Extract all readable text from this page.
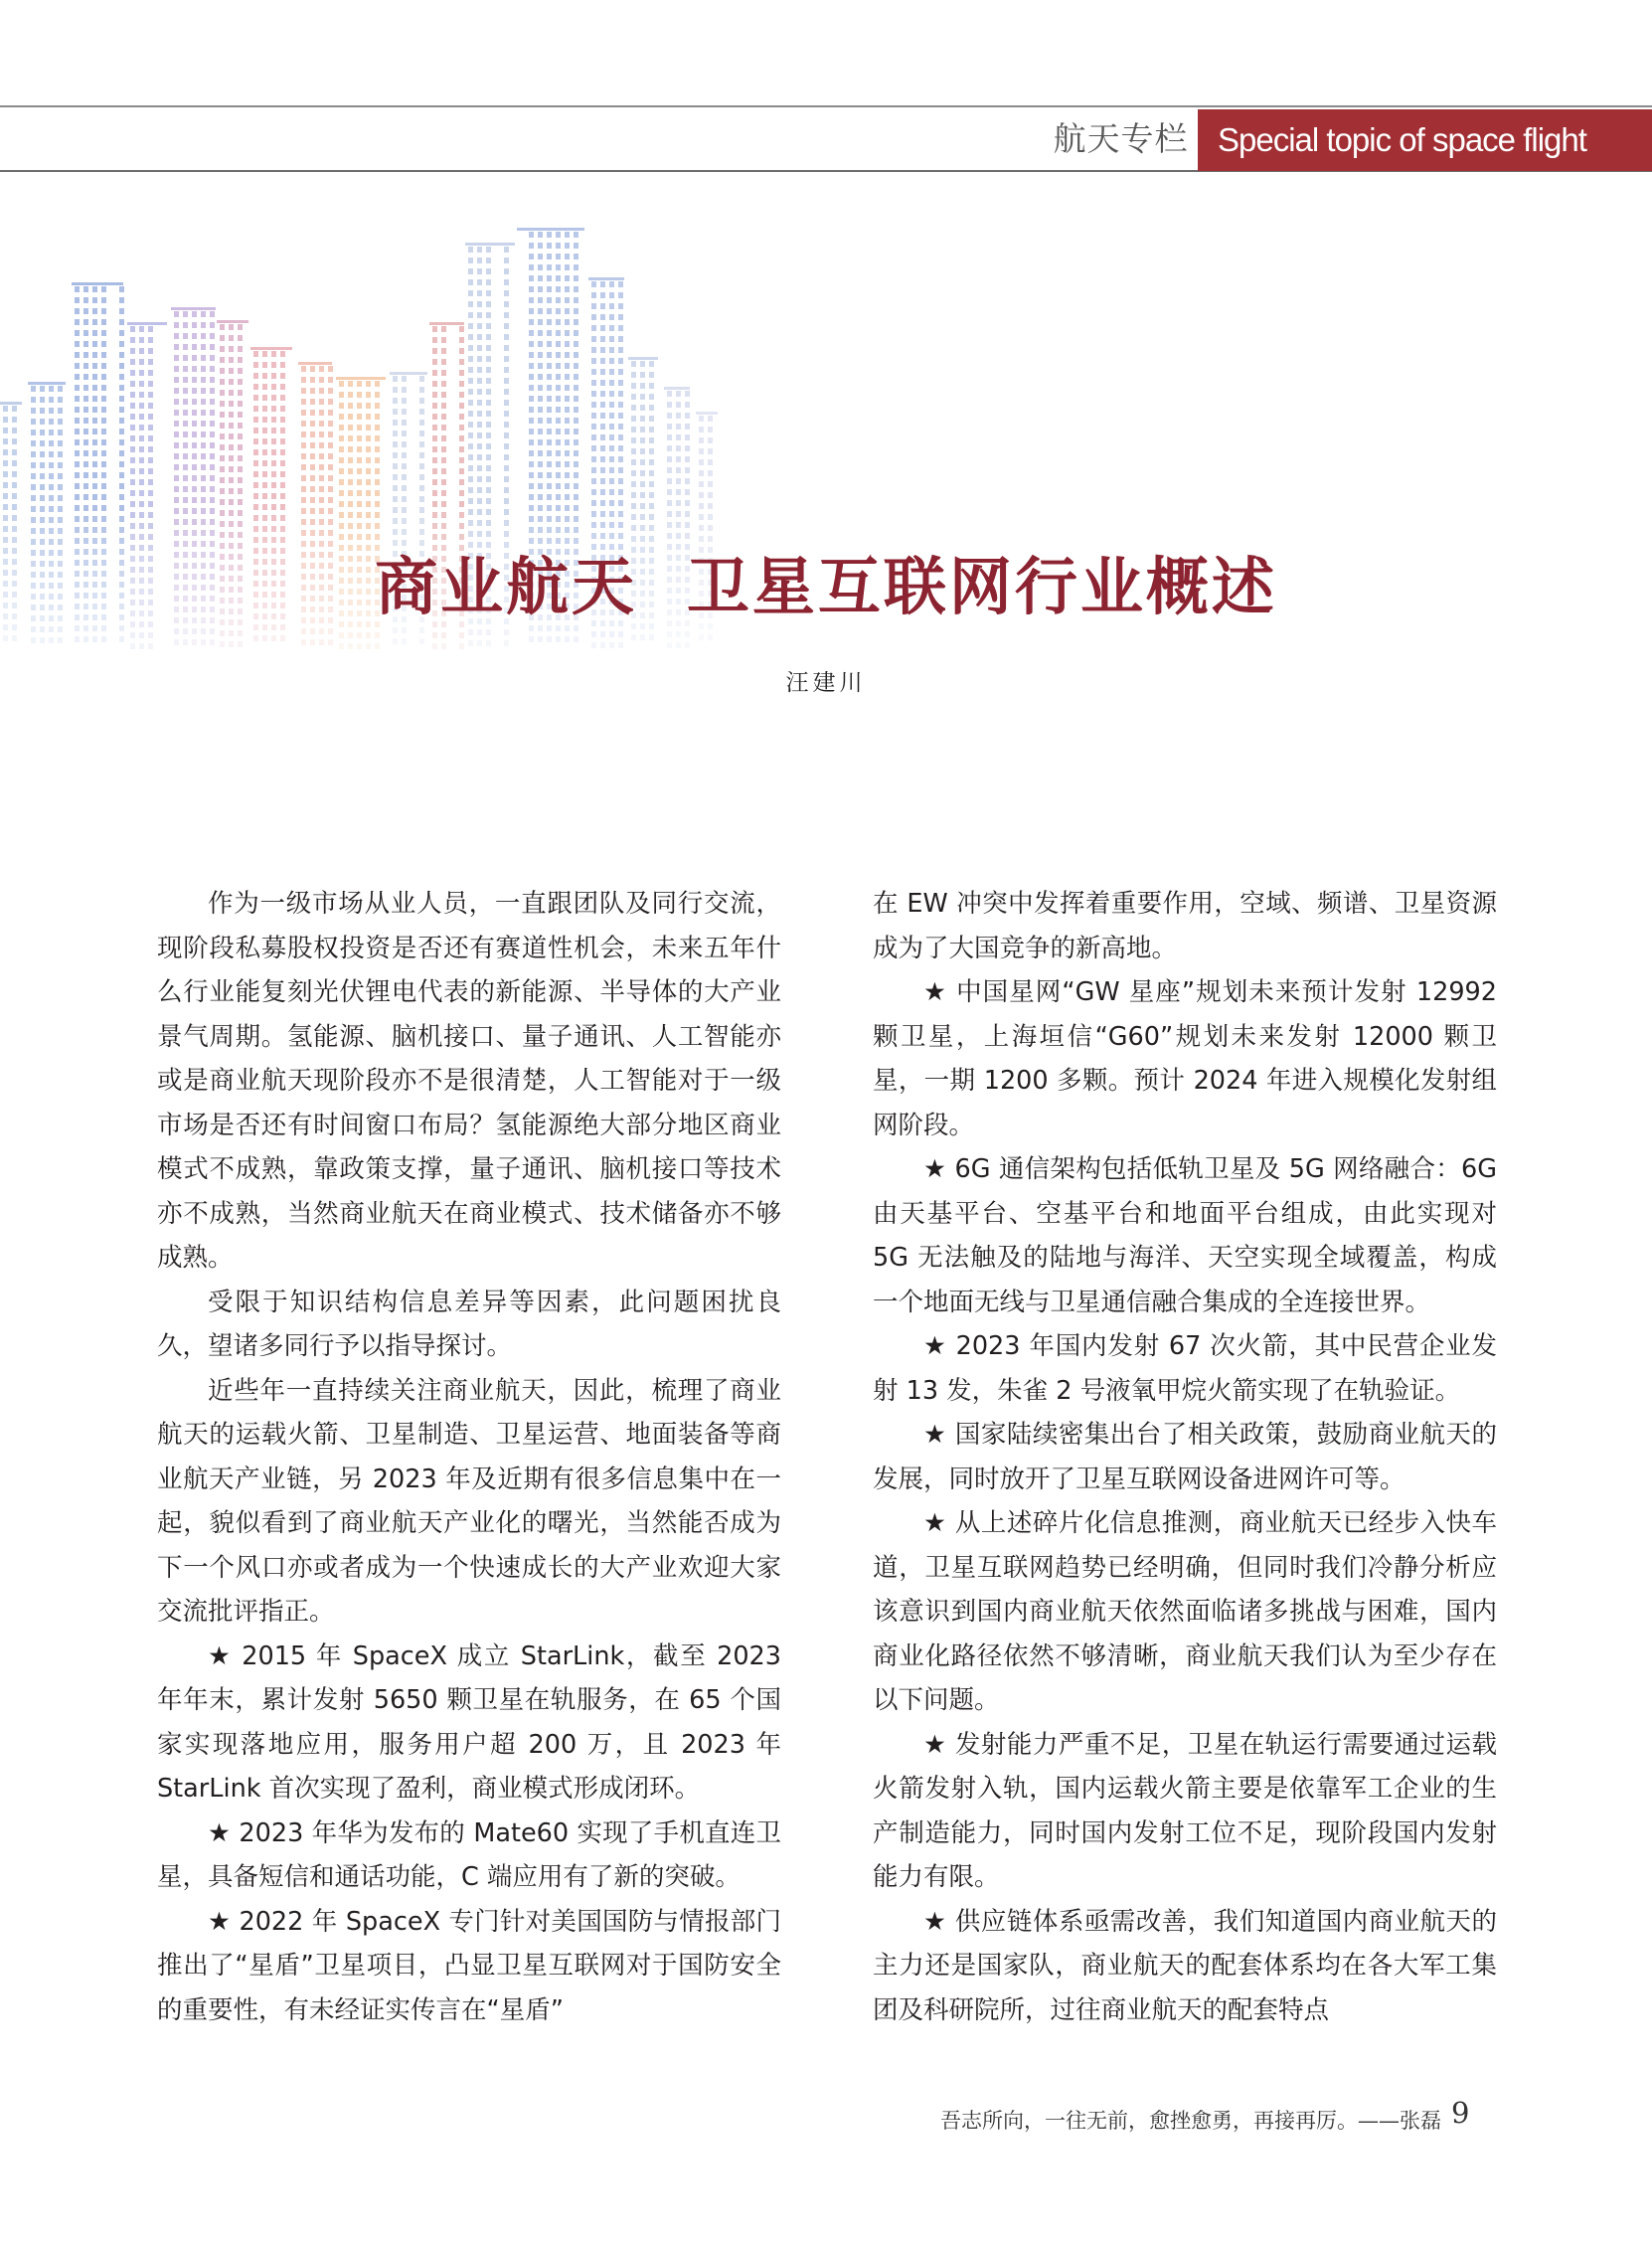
航天专栏 Special topic of space flight
商业航天  卫星互联网行业概述
汪建川

作为一级市场从业人员，一直跟团队及同行交流，现阶段私募股权投资是否还有赛道性机会，未来五年什么行业能复刻光伏锂电代表的新能源、半导体的大产业景气周期。氢能源、脑机接口、量子通讯、人工智能亦或是商业航天现阶段亦不是很清楚，人工智能对于一级市场是否还有时间窗口布局？氢能源绝大部分地区商业模式不成熟，靠政策支撑，量子通讯、脑机接口等技术亦不成熟，当然商业航天在商业模式、技术储备亦不够成熟。

受限于知识结构信息差异等因素，此问题困扰良久，望诸多同行予以指导探讨。

近些年一直持续关注商业航天，因此，梳理了商业航天的运载火箭、卫星制造、卫星运营、地面装备等商业航天产业链，另 2023 年及近期有很多信息集中在一起，貌似看到了商业航天产业化的曙光，当然能否成为下一个风口亦或者成为一个快速成长的大产业欢迎大家交流批评指正。

★ 2015 年 SpaceX 成立 StarLink，截至 2023 年年末，累计发射 5650 颗卫星在轨服务，在 65 个国家实现落地应用，服务用户超 200 万，且 2023 年 StarLink 首次实现了盈利，商业模式形成闭环。

★ 2023 年华为发布的 Mate60 实现了手机直连卫星，具备短信和通话功能，C 端应用有了新的突破。

★ 2022 年 SpaceX 专门针对美国国防与情报部门推出了“星盾”卫星项目，凸显卫星互联网对于国防安全的重要性，有未经证实传言在“星盾”

在 EW 冲突中发挥着重要作用，空域、频谱、卫星资源成为了大国竞争的新高地。

★ 中国星网“GW 星座”规划未来预计发射 12992 颗卫星，上海垣信“G60”规划未来发射 12000 颗卫星，一期 1200 多颗。预计 2024 年进入规模化发射组网阶段。

★ 6G 通信架构包括低轨卫星及 5G 网络融合：6G 由天基平台、空基平台和地面平台组成，由此实现对 5G 无法触及的陆地与海洋、天空实现全域覆盖，构成一个地面无线与卫星通信融合集成的全连接世界。

★ 2023 年国内发射 67 次火箭，其中民营企业发射 13 发，朱雀 2 号液氧甲烷火箭实现了在轨验证。

★ 国家陆续密集出台了相关政策，鼓励商业航天的发展，同时放开了卫星互联网设备进网许可等。

★ 从上述碎片化信息推测，商业航天已经步入快车道，卫星互联网趋势已经明确，但同时我们冷静分析应该意识到国内商业航天依然面临诸多挑战与困难，国内商业化路径依然不够清晰，商业航天我们认为至少存在以下问题。

★ 发射能力严重不足，卫星在轨运行需要通过运载火箭发射入轨，国内运载火箭主要是依靠军工企业的生产制造能力，同时国内发射工位不足，现阶段国内发射能力有限。

★ 供应链体系亟需改善，我们知道国内商业航天的主力还是国家队，商业航天的配套体系均在各大军工集团及科研院所，过往商业航天的配套特点

吾志所向，一往无前，愈挫愈勇，再接再厉。——张磊 9
